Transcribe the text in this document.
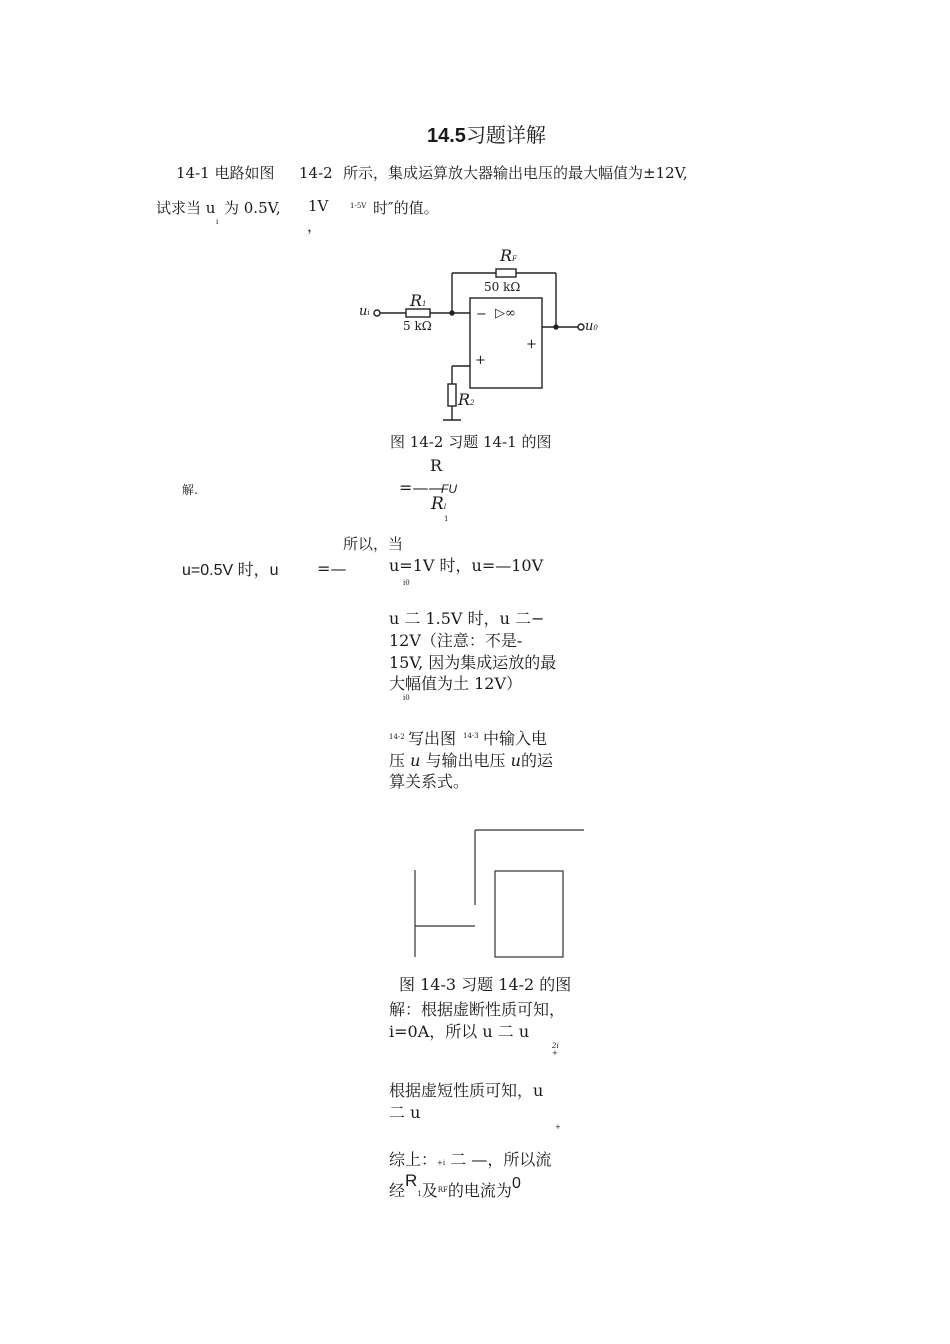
14.5习题详解
14-1 电路如图 14-2 所示，集成运算放大器输出电压的最大幅值为±12V,
试求当 u
i
为 0.5V, 1V
，
1-5V 时″的值。
RF
50 kΩ
R1
5 kΩ
R2
ui
u0
− ▷∞
+
+
图 14-2 习题 14-1 的图
R
解.	=——
FU
Rl
1
所以，当
u=0.5V 时，u =—	u=1V 时，u=—10V
i0
u 二 1.5V 时，u 二−
12V（注意：不是-
15V, 因为集成运放的最
大幅值为土 12V）
i0
14-2 写出图 14-3 中输入电
压 u 与输出电压 u的运
算关系式。
图 14-3 习题 14-2 的图
解：根据虚断性质可知，
i=0A，所以 u 二 u
2i
+
根据虚短性质可知，u
二 u
+
综上：+i 二 —，所以流
经R1及$^{RF}$的电流为0
